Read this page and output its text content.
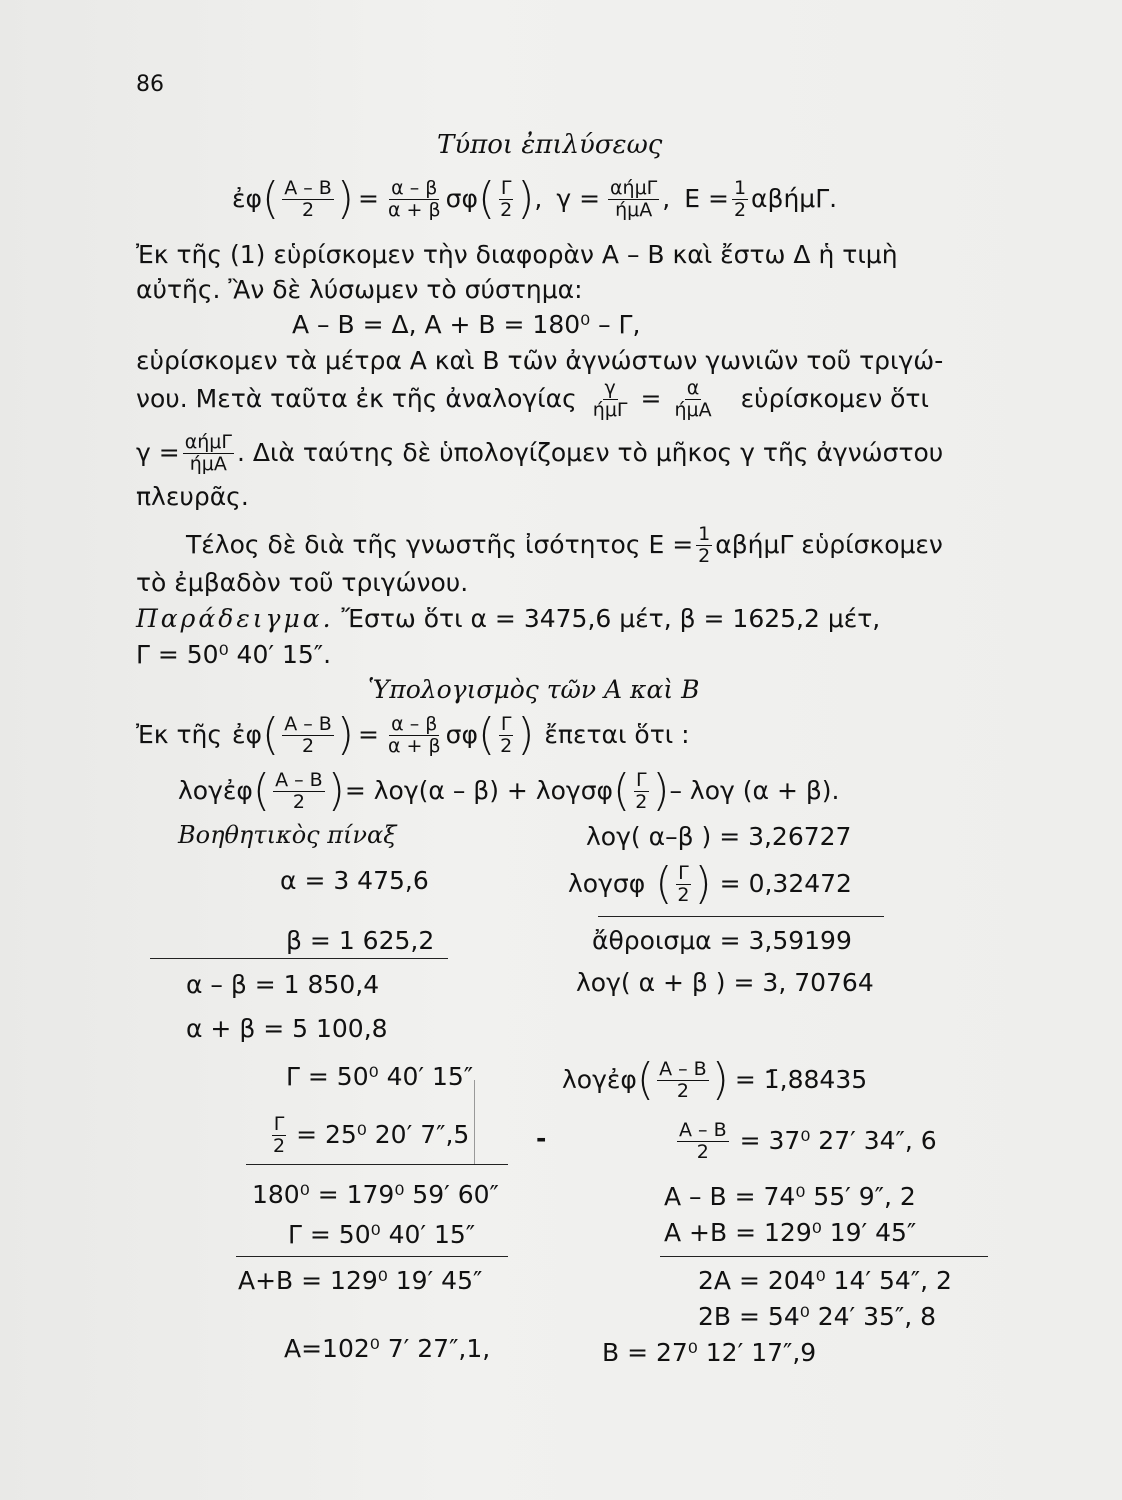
86
Τύποι ἐπιλύσεως
ἐφ ( $\frac{A - B}{2}$ ) = $\frac{\alpha - \beta}{\alpha + \beta}$ σφ ( $\frac{\Gamma}{2}$ ) , $\gamma = \frac{\text{αήμΓ}}{\text{ήμΑ}}$ , $E = \frac{1}{2} \alpha\beta ή\mu\Gamma$.
Ἐκ τῆς (1) εὑρίσκομεν τὴν διαφορὰν Α – Β καὶ ἔστω Δ ἡ τιμὴ
αὐτῆς. Ἂν δὲ λύσωμεν τὸ σύστημα:
Α – Β = Δ, Α + Β = 180⁰ – Γ,
εὑρίσκομεν τὰ μέτρα Α καὶ Β τῶν ἀγνώστων γωνιῶν τοῦ τριγώ-
νου. Μετὰ ταῦτα ἐκ τῆς ἀναλογίας $\frac{\gamma}{\text{ήμΓ}} = \frac{\alpha}{\text{ήμΑ}}$ εὑρίσκομεν ὅτι
$\gamma = \frac{\text{αήμΓ}}{\text{ήμΑ}}$ . Διὰ ταύτης δὲ ὑπολογίζομεν τὸ μῆκος γ τῆς ἀγνώστου
πλευρᾶς.
Τέλος δὲ διὰ τῆς γνωστῆς ἰσότητος $E = \frac{1}{2}$ αβήμΓ εὑρίσκομεν
τὸ ἐμβαδὸν τοῦ τριγώνου.
Παράδειγμα. Ἔστω ὅτι α = 3475,6 μέτ, β = 1625,2 μέτ,
Γ = 50⁰ 40′ 15″.
Ὑπολογισμὸς τῶν Α καὶ Β
Ἐκ τῆς ἐφ ( $\frac{A - B}{2}$ ) = $\frac{\alpha - \beta}{\alpha + \beta}$ σφ ( $\frac{\Gamma}{2}$ ) ἔπεται ὅτι :
λογἐφ ( $\frac{A - B}{2}$ ) = λογ(α – β) + λογσφ ( $\frac{\Gamma}{2}$ ) – λογ (α + β).
Βοηθητικὸς πίναξ
α = 3 475,6
β = 1 625,2
α – β = 1 850,4
α + β = 5 100,8
Γ = 50⁰ 40′ 15″
$\frac{\Gamma}{2} = 25^0$ 20′ 7″,5
180⁰ = 179⁰ 59′ 60″
Γ = 50⁰ 40′ 15″
Α+Β = 129⁰ 19′ 45″
Α=102⁰ 7′ 27″,1,
-
λογ( α–β ) = 3,26727
λογσφ ( $\frac{\Gamma}{2}$ ) = 0,32472
ἄθροισμα = 3,59199
λογ( α + β ) = 3, 70764
λογἐφ ( $\frac{A - B}{2}$ ) = 1̄,88435
$\frac{A - B}{2} = 37^0$ 27′ 34″, 6
Α – Β = 74⁰ 55′ 9″, 2
Α +Β = 129⁰ 19′ 45″
2Α = 204⁰ 14′ 54″, 2
2Β = 54⁰ 24′ 35″, 8
Β = 27⁰ 12′ 17″,9
